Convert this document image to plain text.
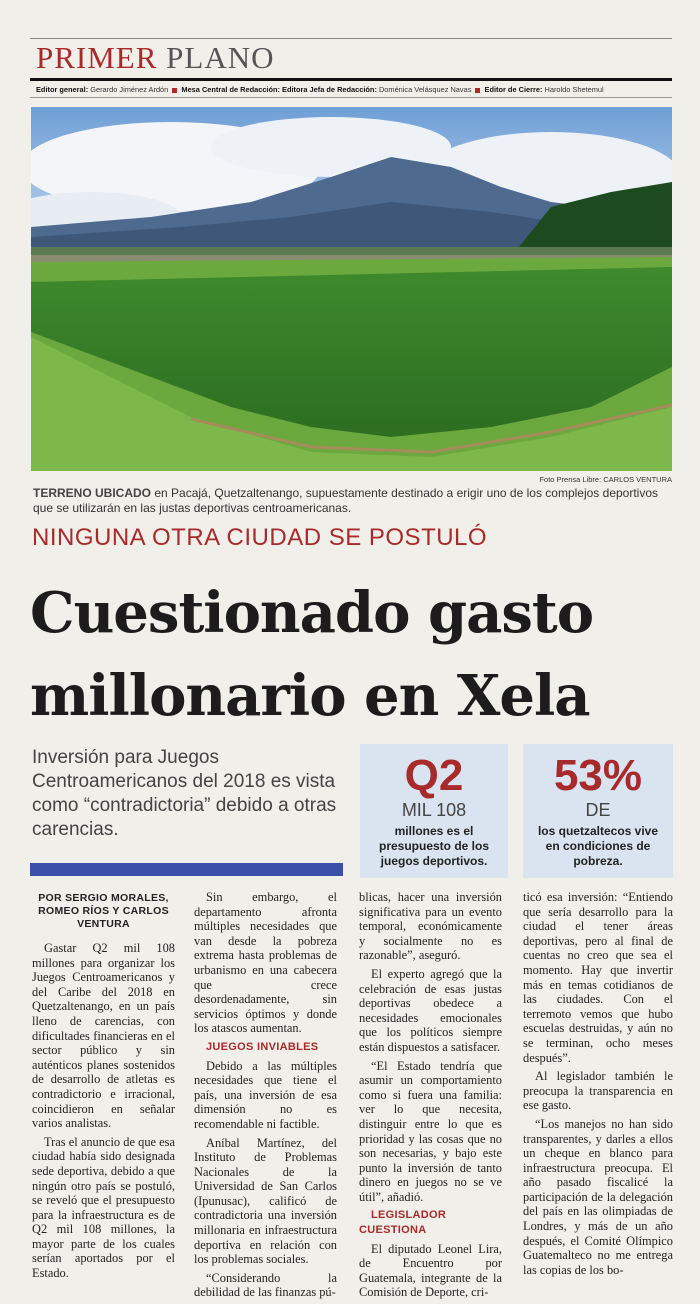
PRIMER PLANO
Editor general: Gerardo Jiménez Ardón Mesa Central de Redacción: Editora Jefa de Redacción: Doménica Velásquez Navas Editor de Cierre: Haroldo Shetemul
Foto Prensa Libre: CARLOS VENTURA
TERRENO UBICADO en Pacajá, Quetzaltenango, supuestamente destinado a erigir uno de los complejos deportivos que se utilizarán en las justas deportivas centroamericanas.
NINGUNA OTRA CIUDAD SE POSTULÓ
Cuestionado gasto
millonario en Xela
Inversión para Juegos Centroamericanos del 2018 es vista como “contradictoria” debido a otras carencias.
Q2
MIL 108
millones es el presupuesto de los juegos deportivos.
53%
DE
los quetzaltecos vive en condiciones de pobreza.
POR SERGIO MORALES, ROMEO RÍOS Y CARLOS VENTURA

Gastar Q2 mil 108 millones para organizar los Juegos Centroamericanos y del Caribe del 2018 en Quetzaltenango, en un país lleno de carencias, con dificultades financieras en el sector público y sin auténticos planes sostenidos de desarrollo de atletas es contradictorio e irracional, coincidieron en señalar varios analistas.

Tras el anuncio de que esa ciudad había sido designada sede deportiva, debido a que ningún otro país se postuló, se reveló que el presupuesto para la infraestructura es de Q2 mil 108 millones, la mayor parte de los cuales serían aportados por el Estado.

Sin embargo, el departamento afronta múltiples necesidades que van desde la pobreza extrema hasta problemas de urbanismo en una cabecera que crece desordenadamente, sin servicios óptimos y donde los atascos aumentan.

JUEGOS INVIABLES

Debido a las múltiples necesidades que tiene el país, una inversión de esa dimensión no es recomendable ni factible.

Aníbal Martínez, del Instituto de Problemas Nacionales de la Universidad de San Carlos (Ipunusac), calificó de contradictoria una inversión millonaria en infraestructura deportiva en relación con los problemas sociales.

“Considerando la debilidad de las finanzas pú-

blicas, hacer una inversión significativa para un evento temporal, económicamente y socialmente no es razonable”, aseguró.

El experto agregó que la celebración de esas justas deportivas obedece a necesidades emocionales que los políticos siempre están dispuestos a satisfacer.

“El Estado tendría que asumir un comportamiento como si fuera una familia: ver lo que necesita, distinguir entre lo que es prioridad y las cosas que no son necesarias, y bajo este punto la inversión de tanto dinero en juegos no se ve útil”, añadió.

LEGISLADOR CUESTIONA

El diputado Leonel Lira, de Encuentro por Guatemala, integrante de la Comisión de Deporte, cri-

ticó esa inversión: “Entiendo que sería desarrollo para la ciudad el tener áreas deportivas, pero al final de cuentas no creo que sea el momento. Hay que invertir más en temas cotidianos de las ciudades. Con el terremoto vemos que hubo escuelas destruidas, y aún no se terminan, ocho meses después”.

Al legislador también le preocupa la transparencia en ese gasto.

“Los manejos no han sido transparentes, y darles a ellos un cheque en blanco para infraestructura preocupa. El año pasado fiscalicé la participación de la delegación del país en las olimpiadas de Londres, y más de un año después, el Comité Olímpico Guatemalteco no me entrega las copias de los bo-
